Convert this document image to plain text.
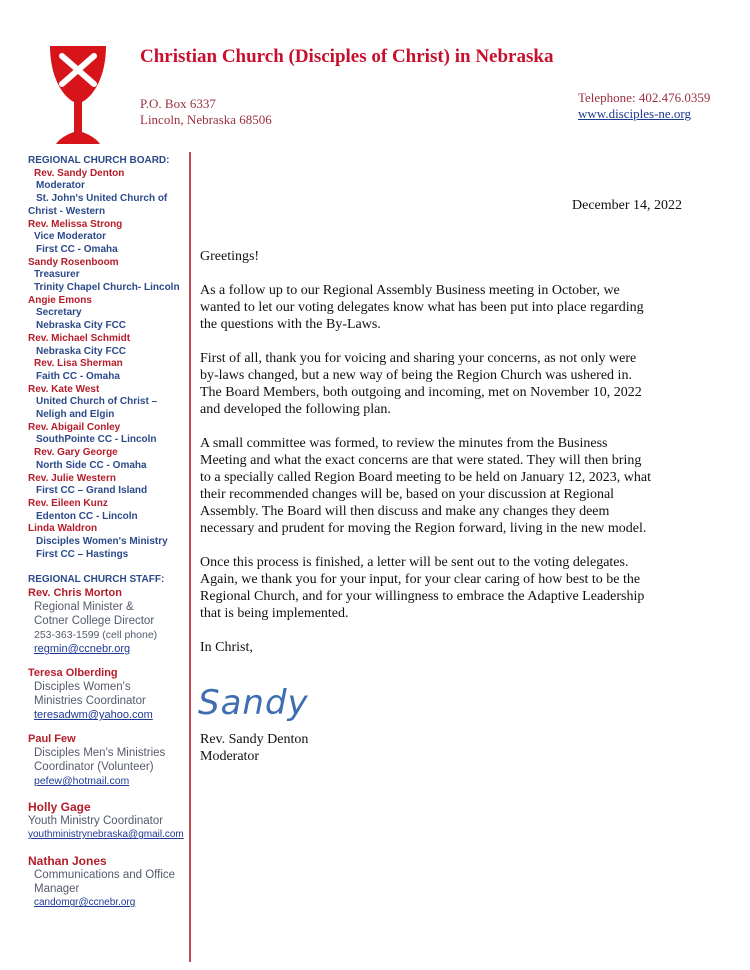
Christian Church (Disciples of Christ) in Nebraska
P.O. Box 6337
Lincoln, Nebraska 68506
Telephone: 402.476.0359
www.disciples-ne.org
REGIONAL CHURCH BOARD:
Rev. Sandy Denton
Moderator
St. John's United Church of
Christ - Western
Rev. Melissa Strong
Vice Moderator
First CC - Omaha
Sandy Rosenboom
Treasurer
Trinity Chapel Church- Lincoln
Angie Emons
Secretary
Nebraska City FCC
Rev. Michael Schmidt
Nebraska City FCC
Rev. Lisa Sherman
Faith CC - Omaha
Rev. Kate West
United Church of Christ –
Neligh and Elgin
Rev. Abigail Conley
SouthPointe CC - Lincoln
Rev. Gary George
North Side CC - Omaha
Rev. Julie Western
First CC – Grand Island
Rev. Eileen Kunz
Edenton CC - Lincoln
Linda Waldron
Disciples Women's Ministry
First CC – Hastings
REGIONAL CHURCH STAFF:
Rev. Chris Morton
Regional Minister &
Cotner College Director
253-363-1599 (cell phone)
regmin@ccnebr.org
Teresa Olberding
Disciples Women's
Ministries Coordinator
teresadwm@yahoo.com
Paul Few
Disciples Men's Ministries
Coordinator (Volunteer)
pefew@hotmail.com
Holly Gage
Youth Ministry Coordinator
youthministrynebraska@gmail.com
Nathan Jones
Communications and Office
Manager
candomgr@ccnebr.org
December 14, 2022

Greetings!

As a follow up to our Regional Assembly Business meeting in October, we
wanted to let our voting delegates know what has been put into place regarding
the questions with the By-Laws.

First of all, thank you for voicing and sharing your concerns, as not only were
by-laws changed, but a new way of being the Region Church was ushered in.
The Board Members, both outgoing and incoming, met on November 10, 2022
and developed the following plan.

A small committee was formed, to review the minutes from the Business
Meeting and what the exact concerns are that were stated. They will then bring
to a specially called Region Board meeting to be held on January 12, 2023, what
their recommended changes will be, based on your discussion at Regional
Assembly. The Board will then discuss and make any changes they deem
necessary and prudent for moving the Region forward, living in the new model.

Once this process is finished, a letter will be sent out to the voting delegates.
Again, we thank you for your input, for your clear caring of how best to be the
Regional Church, and for your willingness to embrace the Adaptive Leadership
that is being implemented.

In Christ,

Sandy
Rev. Sandy Denton
Moderator
